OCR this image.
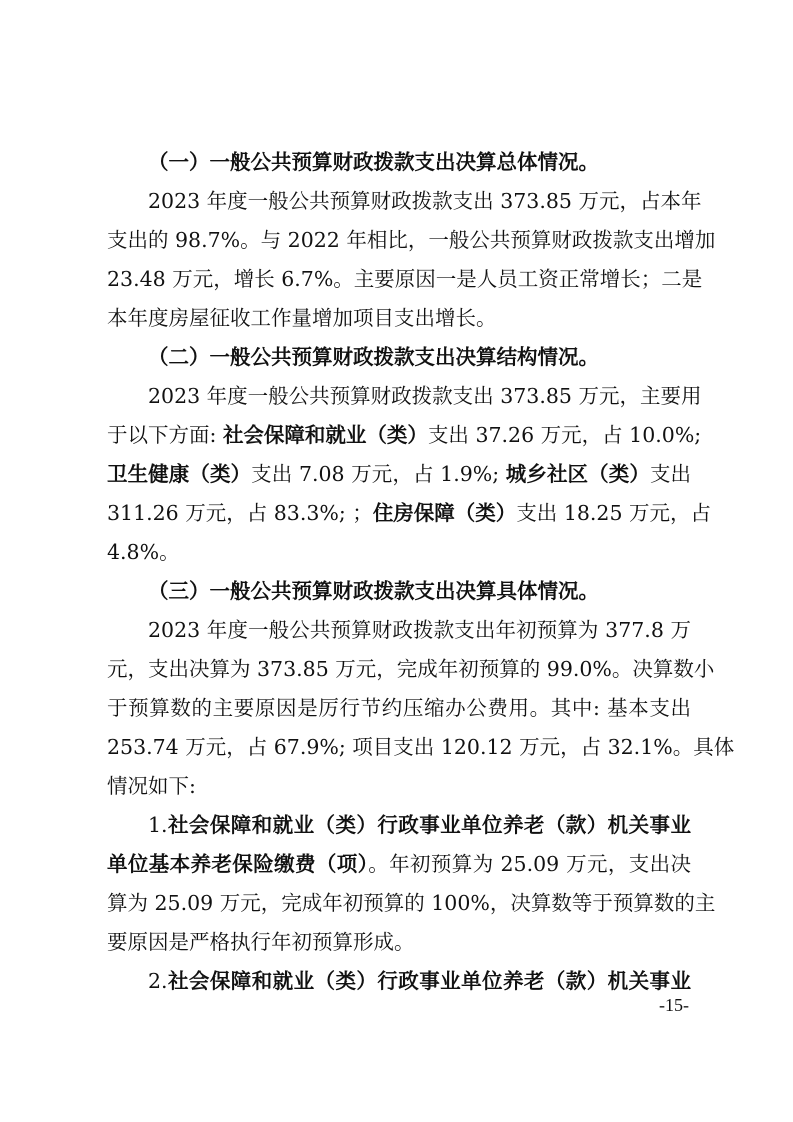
（一）一般公共预算财政拨款支出决算总体情况。
2023 年度一般公共预算财政拨款支出 373.85 万元，占本年
支出的 98.7%。与 2022 年相比，一般公共预算财政拨款支出增加
23.48 万元，增长 6.7%。主要原因一是人员工资正常增长；二是
本年度房屋征收工作量增加项目支出增长。
（二）一般公共预算财政拨款支出决算结构情况。
2023 年度一般公共预算财政拨款支出 373.85 万元，主要用
于以下方面: 社会保障和就业（类）支出 37.26 万元，占 10.0%;
卫生健康（类）支出 7.08 万元，占 1.9%; 城乡社区（类）支出
311.26 万元，占 83.3%; ；住房保障（类）支出 18.25 万元，占
4.8%。
（三）一般公共预算财政拨款支出决算具体情况。
2023 年度一般公共预算财政拨款支出年初预算为 377.8 万
元，支出决算为 373.85 万元，完成年初预算的 99.0%。决算数小
于预算数的主要原因是厉行节约压缩办公费用。其中: 基本支出
253.74 万元，占 67.9%; 项目支出 120.12 万元，占 32.1%。具体
情况如下:
1.社会保障和就业（类）行政事业单位养老（款）机关事业
单位基本养老保险缴费（项）。年初预算为 25.09 万元，支出决
算为 25.09 万元，完成年初预算的 100%，决算数等于预算数的主
要原因是严格执行年初预算形成。
2.社会保障和就业（类）行政事业单位养老（款）机关事业
-15-
